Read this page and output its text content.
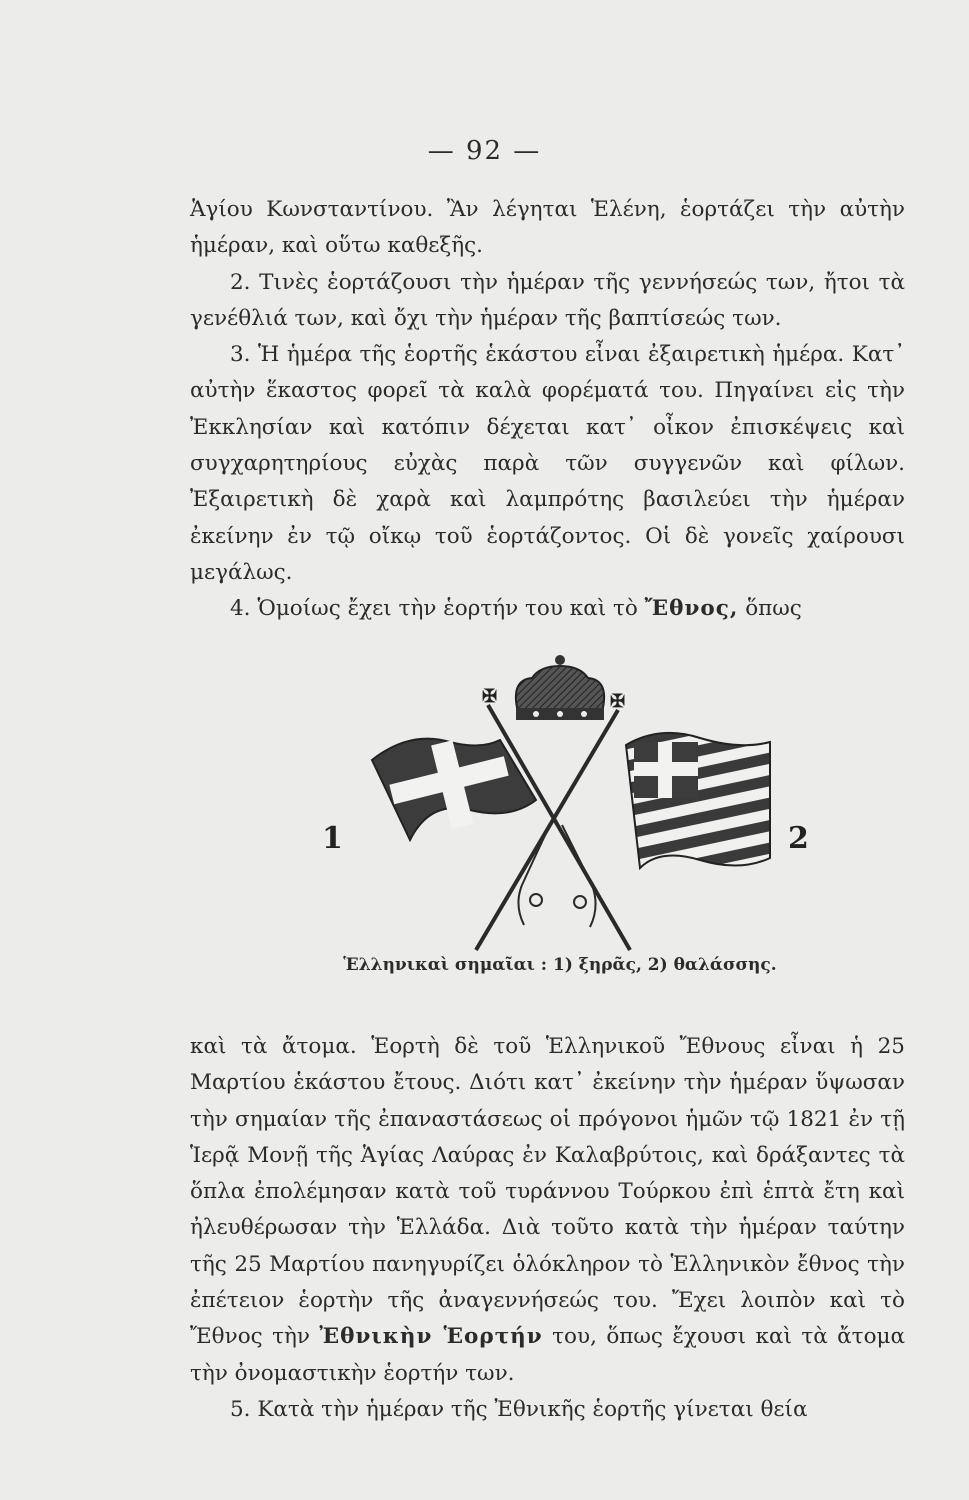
— 92 —

Ἁγίου Κωνσταντίνου. Ἂν λέγηται Ἑλένη, ἑορτάζει τὴν αὐτὴν ἡμέραν, καὶ οὕτω καθεξῆς.

2. Τινὲς ἑορτάζουσι τὴν ἡμέραν τῆς γεννήσεώς των, ἤτοι τὰ γενέθλιά των, καὶ ὄχι τὴν ἡμέραν τῆς βαπτίσεώς των.

3. Ἡ ἡμέρα τῆς ἑορτῆς ἑκάστου εἶναι ἐξαιρετικὴ ἡμέρα. Κατ᾽ αὐτὴν ἕκαστος φορεῖ τὰ καλὰ φορέματά του. Πηγαίνει εἰς τὴν Ἐκκλησίαν καὶ κατόπιν δέχεται κατ᾽ οἶκον ἐπισκέψεις καὶ συγχαρητηρίους εὐχὰς παρὰ τῶν συγγενῶν καὶ φίλων. Ἐξαιρετικὴ δὲ χαρὰ καὶ λαμπρότης βασιλεύει τὴν ἡμέραν ἐκείνην ἐν τῷ οἴκῳ τοῦ ἑορτάζοντος. Οἱ δὲ γονεῖς χαίρουσι μεγάλως.

4. Ὁμοίως ἔχει τὴν ἑορτήν του καὶ τὸ Ἔθνος, ὅπως

✠	✠
1	2
Ἑλληνικαὶ σημαῖαι : 1) ξηρᾶς, 2) θαλάσσης.

καὶ τὰ ἄτομα. Ἑορτὴ δὲ τοῦ Ἑλληνικοῦ Ἔθνους εἶναι ἡ 25 Μαρτίου ἑκάστου ἔτους. Διότι κατ᾽ ἐκείνην τὴν ἡμέραν ὕψωσαν τὴν σημαίαν τῆς ἐπαναστάσεως οἱ πρόγονοι ἡμῶν τῷ 1821 ἐν τῇ Ἱερᾷ Μονῇ τῆς Ἁγίας Λαύρας ἐν Καλαβρύτοις, καὶ δράξαντες τὰ ὅπλα ἐπολέμησαν κατὰ τοῦ τυράννου Τούρκου ἐπὶ ἑπτὰ ἔτη καὶ ἠλευθέρωσαν τὴν Ἑλλάδα. Διὰ τοῦτο κατὰ τὴν ἡμέραν ταύτην τῆς 25 Μαρτίου πανηγυρίζει ὁλόκληρον τὸ Ἑλληνικὸν ἔθνος τὴν ἐπέτειον ἑορτὴν τῆς ἀναγεννήσεώς του. Ἔχει λοιπὸν καὶ τὸ Ἔθνος τὴν Ἐθνικὴν Ἑορτήν του, ὅπως ἔχουσι καὶ τὰ ἄτομα τὴν ὀνομαστικὴν ἑορτήν των.

5. Κατὰ τὴν ἡμέραν τῆς Ἐθνικῆς ἑορτῆς γίνεται θεία
